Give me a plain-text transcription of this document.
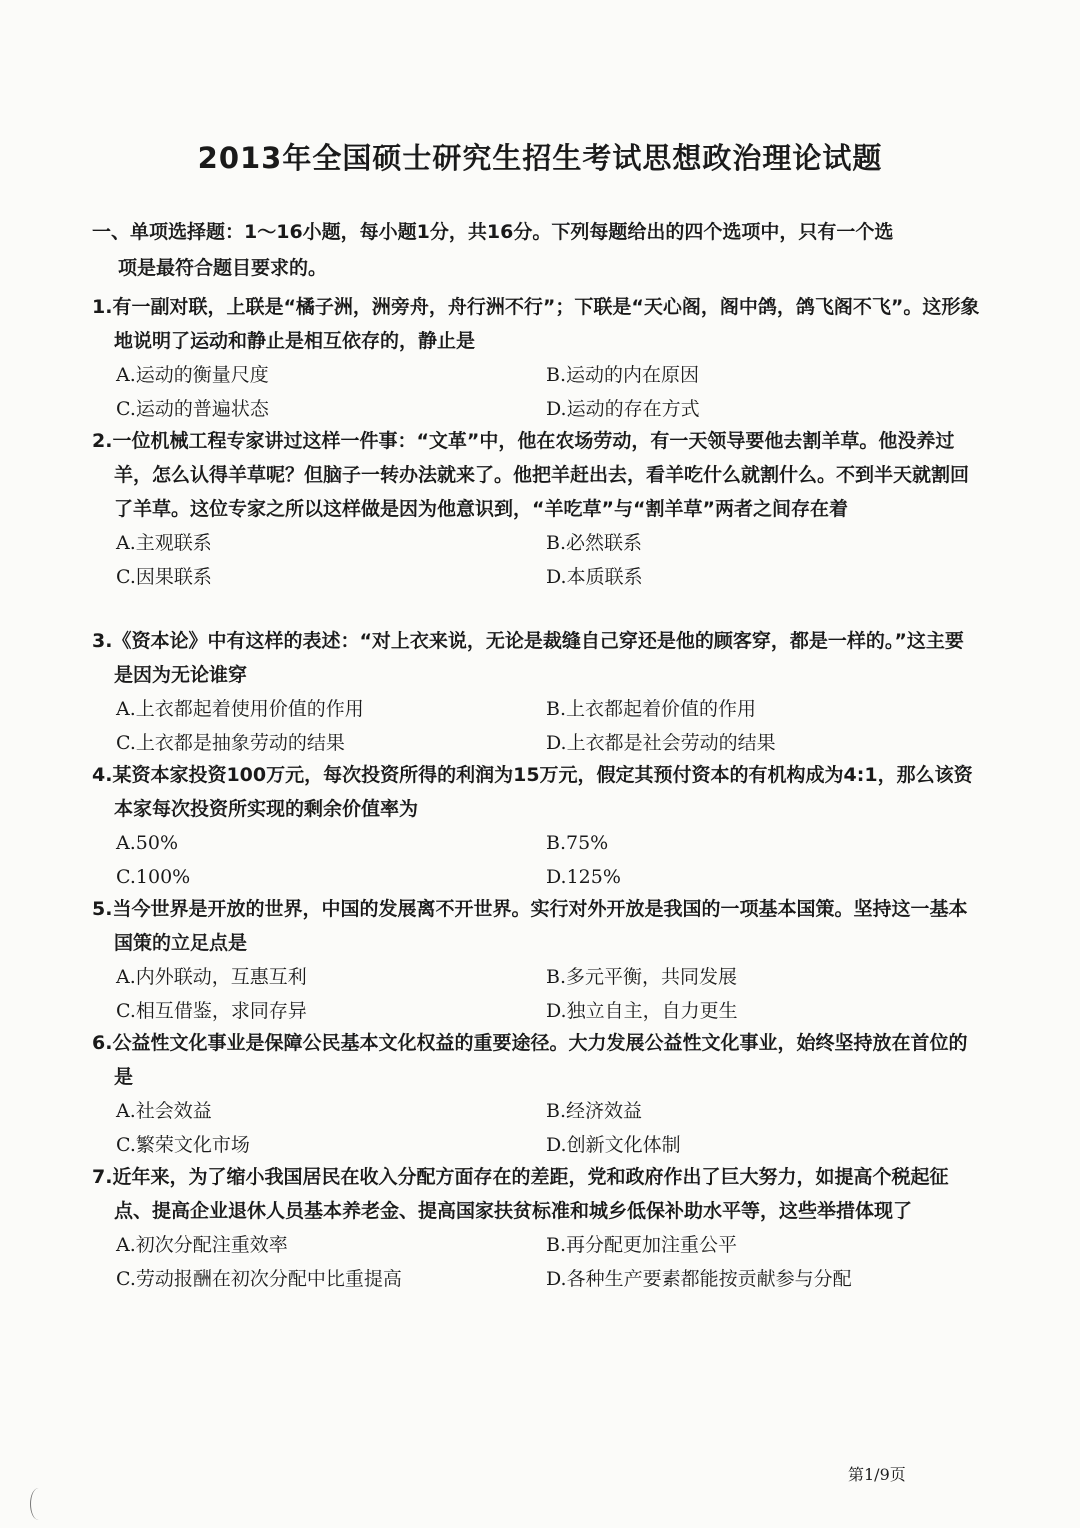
2013年全国硕士研究生招生考试思想政治理论试题
一、单项选择题：1～16小题，每小题1分，共16分。下列每题给出的四个选项中，只有一个选
项是最符合题目要求的。
1.有一副对联，上联是“橘子洲，洲旁舟，舟行洲不行”；下联是“天心阁，阁中鸽，鸽飞阁不飞”。这形象地说明了运动和静止是相互依存的，静止是
A.运动的衡量尺度	B.运动的内在原因
C.运动的普遍状态	D.运动的存在方式
2.一位机械工程专家讲过这样一件事：“文革”中，他在农场劳动，有一天领导要他去割羊草。他没养过羊，怎么认得羊草呢？但脑子一转办法就来了。他把羊赶出去，看羊吃什么就割什么。不到半天就割回了羊草。这位专家之所以这样做是因为他意识到，“羊吃草”与“割羊草”两者之间存在着
A.主观联系	B.必然联系
C.因果联系	D.本质联系
3.《资本论》中有这样的表述：“对上衣来说，无论是裁缝自己穿还是他的顾客穿，都是一样的。”这主要是因为无论谁穿
A.上衣都起着使用价值的作用	B.上衣都起着价值的作用
C.上衣都是抽象劳动的结果	D.上衣都是社会劳动的结果
4.某资本家投资100万元，每次投资所得的利润为15万元，假定其预付资本的有机构成为4:1，那么该资本家每次投资所实现的剩余价值率为
A.50%	B.75%
C.100%	D.125%
5.当今世界是开放的世界，中国的发展离不开世界。实行对外开放是我国的一项基本国策。坚持这一基本国策的立足点是
A.内外联动，互惠互利	B.多元平衡，共同发展
C.相互借鉴，求同存异	D.独立自主，自力更生
6.公益性文化事业是保障公民基本文化权益的重要途径。大力发展公益性文化事业，始终坚持放在首位的是
A.社会效益	B.经济效益
C.繁荣文化市场	D.创新文化体制
7.近年来，为了缩小我国居民在收入分配方面存在的差距，党和政府作出了巨大努力，如提高个税起征点、提高企业退休人员基本养老金、提高国家扶贫标准和城乡低保补助水平等，这些举措体现了
A.初次分配注重效率	B.再分配更加注重公平
C.劳动报酬在初次分配中比重提高	D.各种生产要素都能按贡献参与分配
第1/9页
